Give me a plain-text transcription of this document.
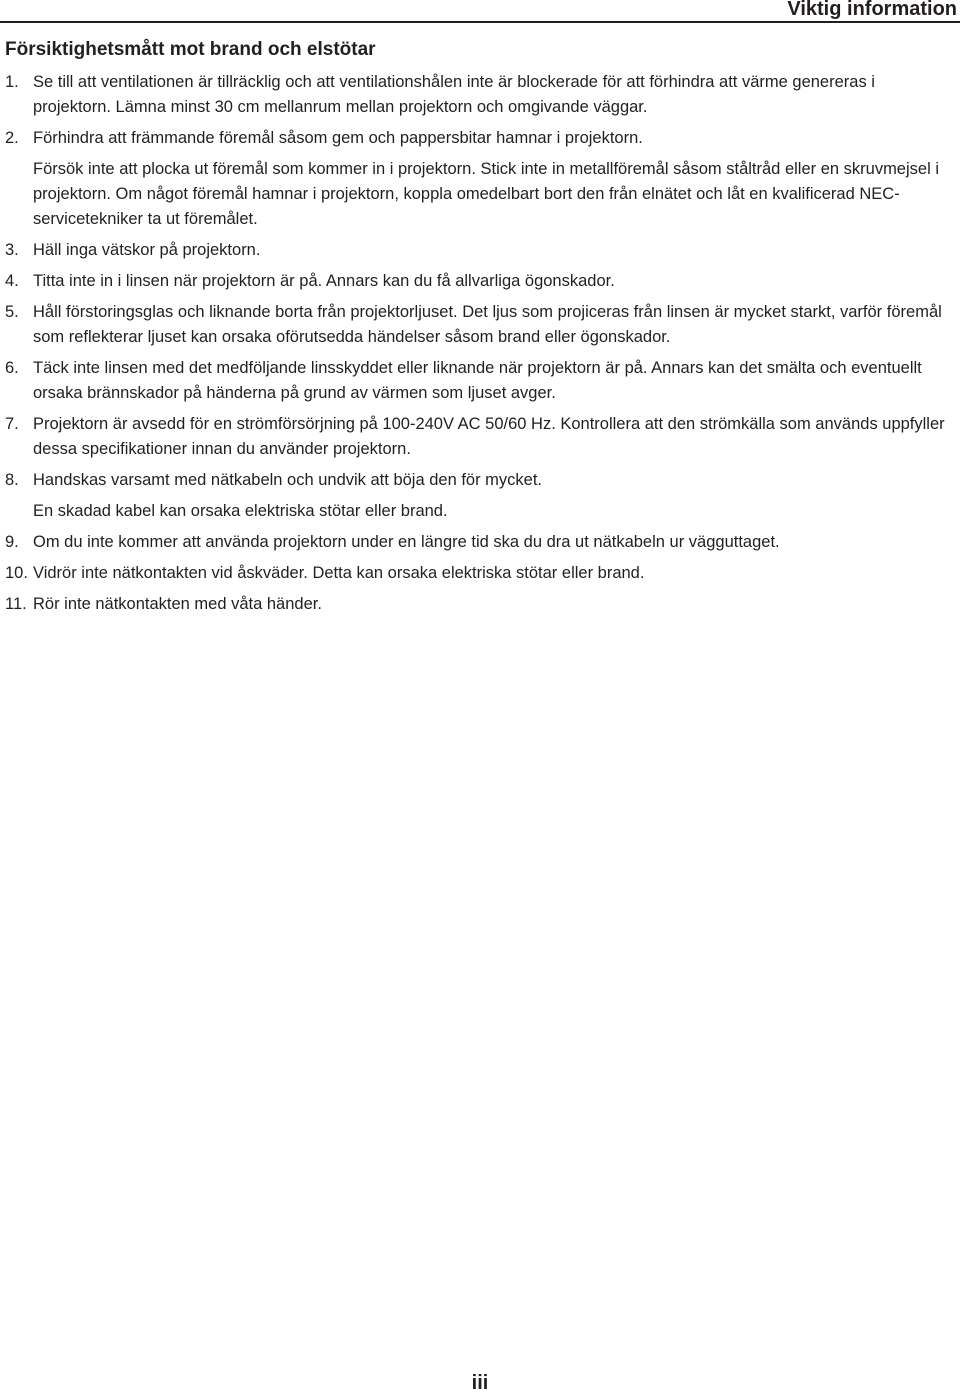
Viktig information
Försiktighetsmått mot brand och elstötar
1. Se till att ventilationen är tillräcklig och att ventilationshålen inte är blockerade för att förhindra att värme genereras i projektorn. Lämna minst 30 cm mellanrum mellan projektorn och omgivande väggar.
2. Förhindra att främmande föremål såsom gem och pappersbitar hamnar i projektorn.
Försök inte att plocka ut föremål som kommer in i projektorn. Stick inte in metallföremål såsom ståltråd eller en skruvmejsel i projektorn. Om något föremål hamnar i projektorn, koppla omedelbart bort den från elnätet och låt en kvalificerad NEC-servicetekniker ta ut föremålet.
3. Häll inga vätskor på projektorn.
4. Titta inte in i linsen när projektorn är på. Annars kan du få allvarliga ögonskador.
5. Håll förstoringsglas och liknande borta från projektorljuset. Det ljus som projiceras från linsen är mycket starkt, varför föremål som reflekterar ljuset kan orsaka oförutsedda händelser såsom brand eller ögonskador.
6. Täck inte linsen med det medföljande linsskyddet eller liknande när projektorn är på. Annars kan det smälta och eventuellt orsaka brännskador på händerna på grund av värmen som ljuset avger.
7. Projektorn är avsedd för en strömförsörjning på 100-240V AC 50/60 Hz. Kontrollera att den strömkälla som används uppfyller dessa specifikationer innan du använder projektorn.
8. Handskas varsamt med nätkabeln och undvik att böja den för mycket.
En skadad kabel kan orsaka elektriska stötar eller brand.
9. Om du inte kommer att använda projektorn under en längre tid ska du dra ut nätkabeln ur vägguttaget.
10. Vidrör inte nätkontakten vid åskväder. Detta kan orsaka elektriska stötar eller brand.
11. Rör inte nätkontakten med våta händer.
iii
